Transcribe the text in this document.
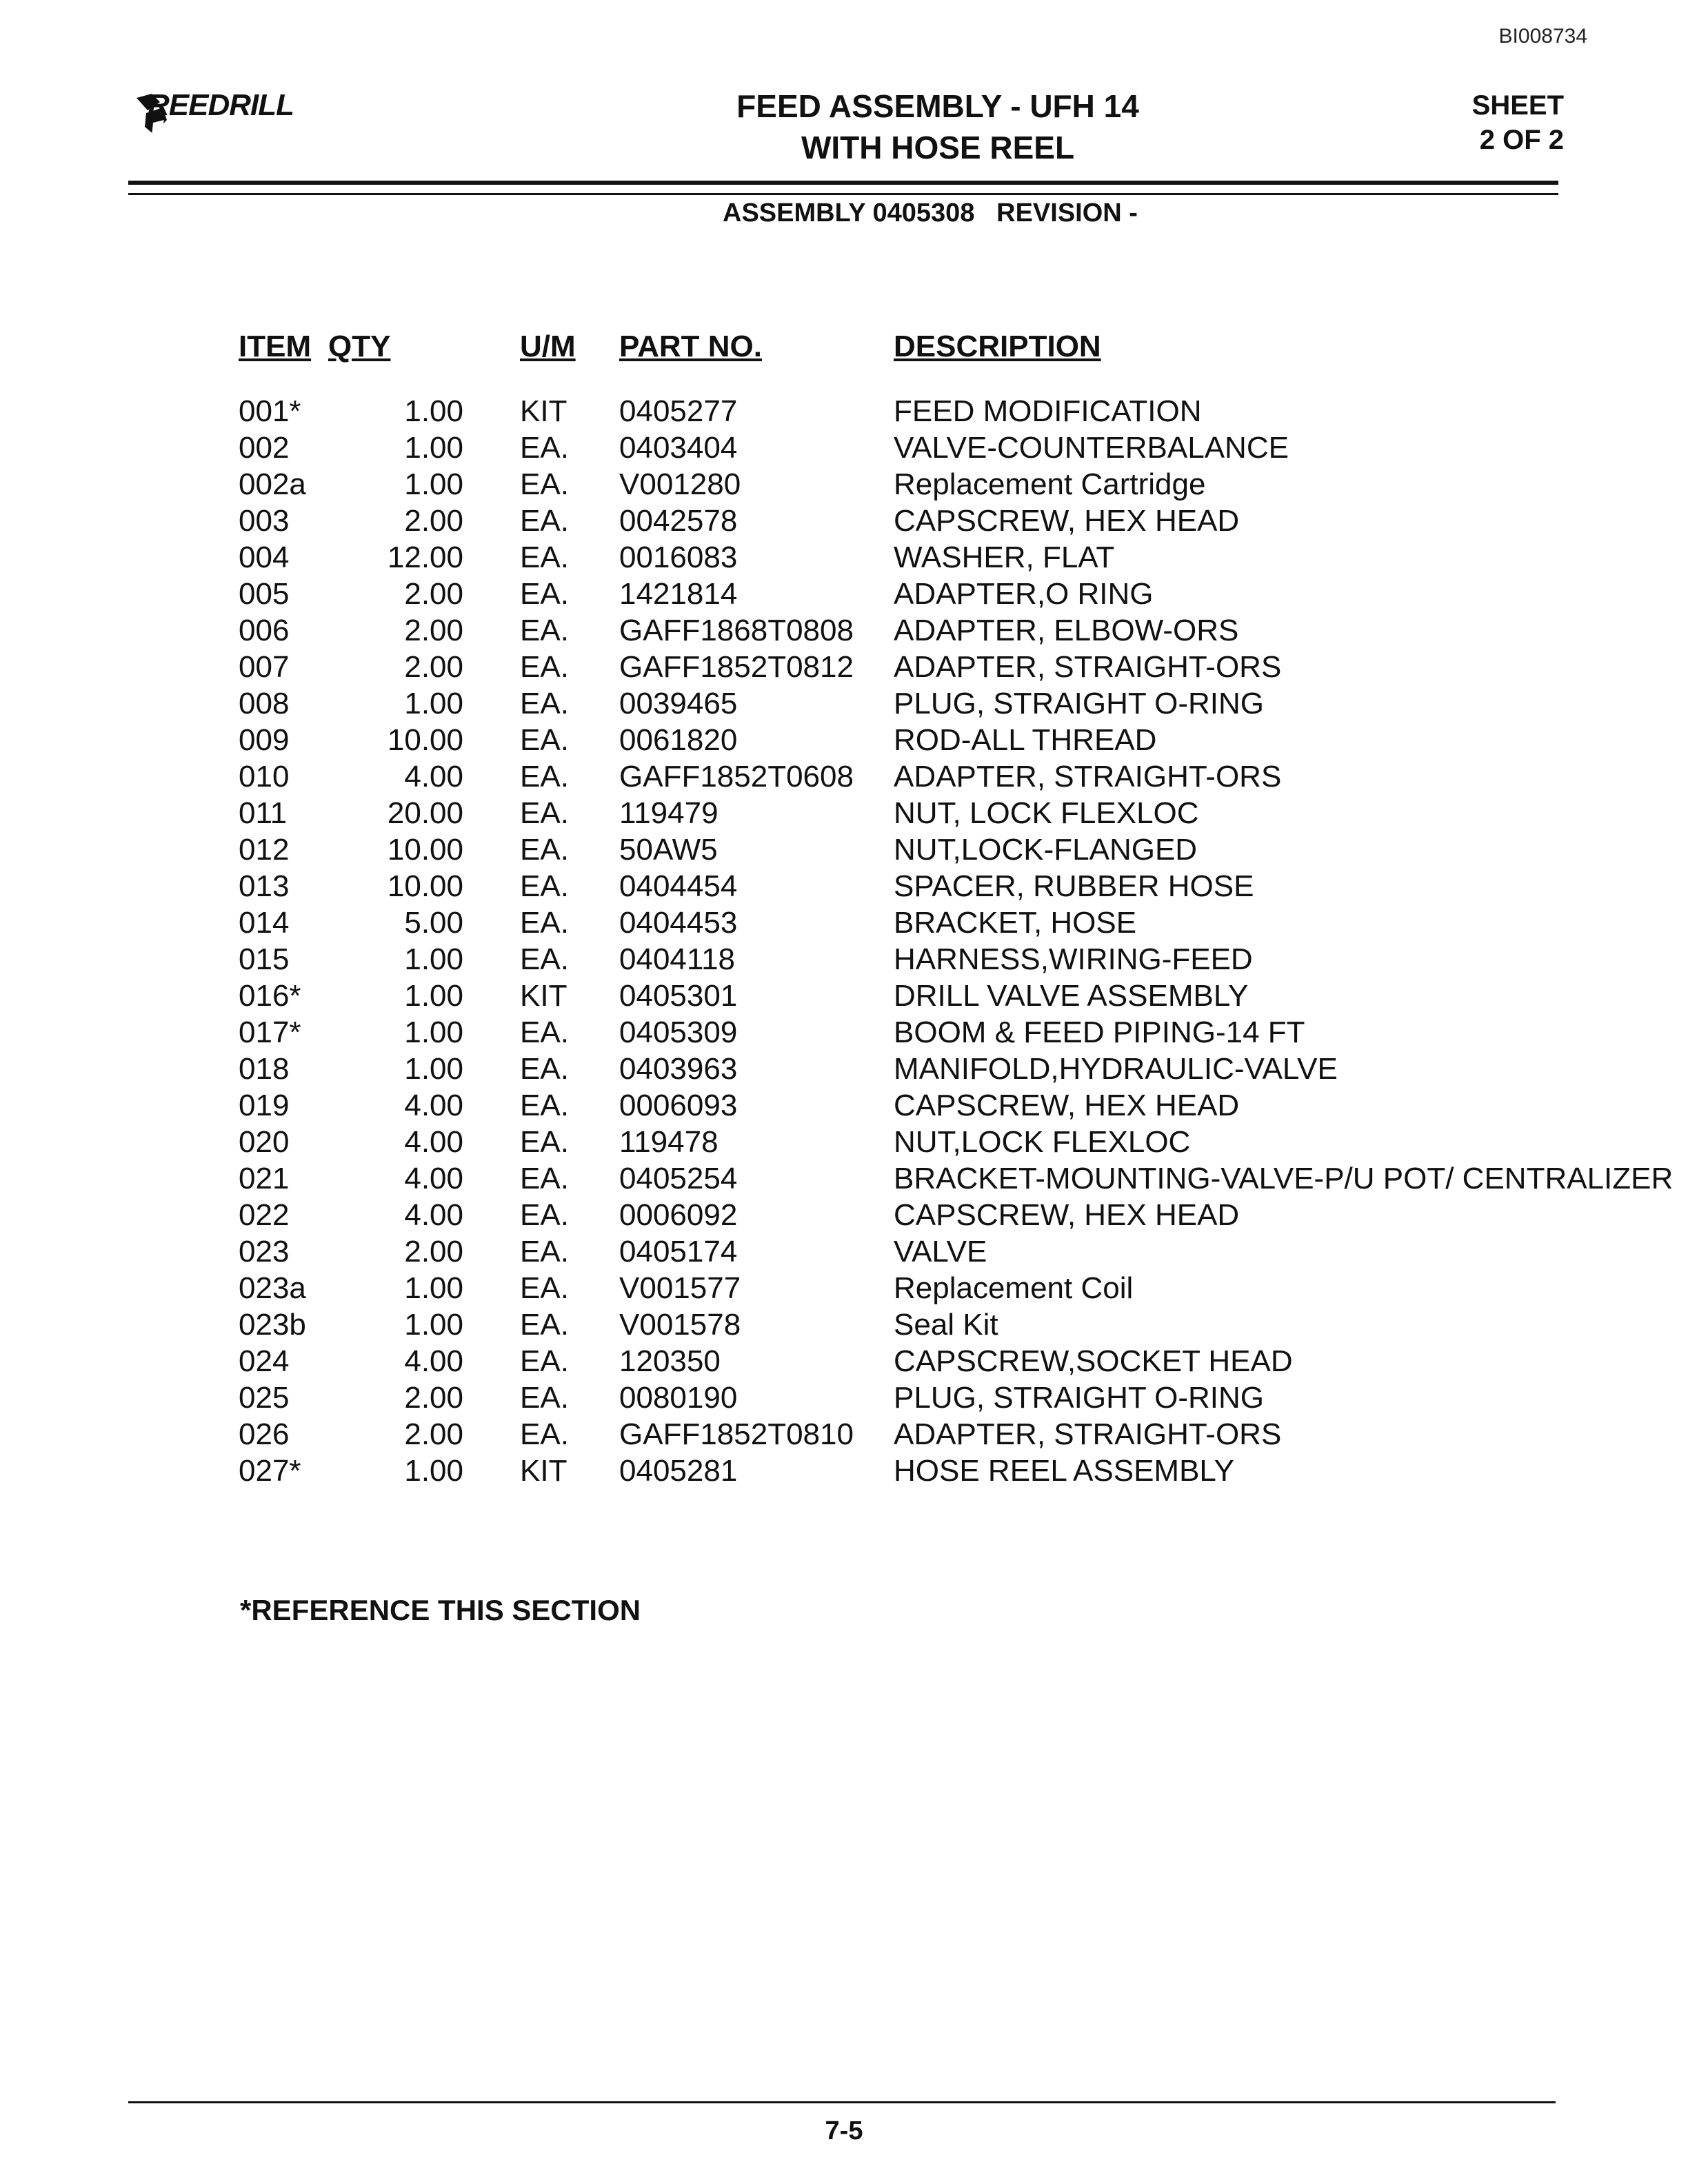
BI008734
REEDRILL	FEED ASSEMBLY - UFH 14
WITH HOSE REEL
SHEET
2 OF 2
ASSEMBLY 0405308   REVISION -
ITEM	QTY	U/M	PART NO.	DESCRIPTION
001*	1.00	KIT	0405277	FEED MODIFICATION
002	1.00	EA.	0403404	VALVE-COUNTERBALANCE
002a	1.00	EA.	V001280	Replacement Cartridge
003	2.00	EA.	0042578	CAPSCREW, HEX HEAD
004	12.00	EA.	0016083	WASHER, FLAT
005	2.00	EA.	1421814	ADAPTER,O RING
006	2.00	EA.	GAFF1868T0808	ADAPTER, ELBOW-ORS
007	2.00	EA.	GAFF1852T0812	ADAPTER, STRAIGHT-ORS
008	1.00	EA.	0039465	PLUG, STRAIGHT O-RING
009	10.00	EA.	0061820	ROD-ALL THREAD
010	4.00	EA.	GAFF1852T0608	ADAPTER, STRAIGHT-ORS
011	20.00	EA.	119479	NUT, LOCK FLEXLOC
012	10.00	EA.	50AW5	NUT,LOCK-FLANGED
013	10.00	EA.	0404454	SPACER, RUBBER HOSE
014	5.00	EA.	0404453	BRACKET, HOSE
015	1.00	EA.	0404118	HARNESS,WIRING-FEED
016*	1.00	KIT	0405301	DRILL VALVE ASSEMBLY
017*	1.00	EA.	0405309	BOOM & FEED PIPING-14 FT
018	1.00	EA.	0403963	MANIFOLD,HYDRAULIC-VALVE
019	4.00	EA.	0006093	CAPSCREW, HEX HEAD
020	4.00	EA.	119478	NUT,LOCK FLEXLOC
021	4.00	EA.	0405254	BRACKET-MOUNTING-VALVE-P/U POT/ CENTRALIZER
022	4.00	EA.	0006092	CAPSCREW, HEX HEAD
023	2.00	EA.	0405174	VALVE
023a	1.00	EA.	V001577	Replacement Coil
023b	1.00	EA.	V001578	Seal Kit
024	4.00	EA.	120350	CAPSCREW,SOCKET HEAD
025	2.00	EA.	0080190	PLUG, STRAIGHT O-RING
026	2.00	EA.	GAFF1852T0810	ADAPTER, STRAIGHT-ORS
027*	1.00	KIT	0405281	HOSE REEL ASSEMBLY
*REFERENCE THIS SECTION
7-5
